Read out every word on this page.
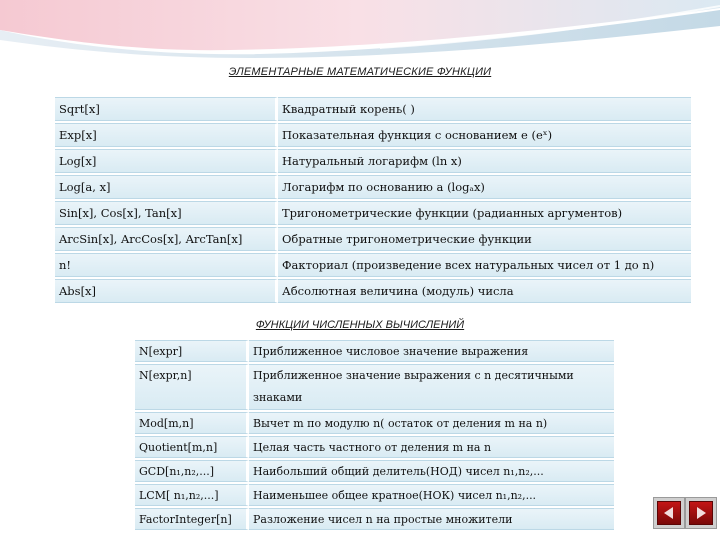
ЭЛЕМЕНТАРНЫЕ МАТЕМАТИЧЕСКИЕ ФУНКЦИИ
Sqrt[x]	Квадратный корень( )
Exp[x]	Показательная функция с основанием e (eˣ)
Log[x]	Натуральный логарифм (ln x)
Log[a, x]	Логарифм по основанию a (logₐx)
Sin[x], Cos[x], Tan[x]	Тригонометрические функции (радианных аргументов)
ArcSin[x], ArcCos[x], ArcTan[x]	Обратные тригонометрические функции
n!	Факториал (произведение всех натуральных чисел от 1 до n)
Abs[x]	Абсолютная величина (модуль) числа
ФУНКЦИИ ЧИСЛЕННЫХ ВЫЧИСЛЕНИЙ
N[expr]	Приближенное числовое значение выражения
N[expr,n]	Приближенное значение выражения с n десятичными
знаками

Mod[m,n]	Вычет m по модулю n( остаток от деления m на n)
Quotient[m,n]	Целая часть частного от деления m на n
GCD[n₁,n₂,...]	Наибольший общий делитель(НОД) чисел n₁,n₂,...
LCM[ n₁,n₂,...]	Наименьшее общее кратное(НОК) чисел n₁,n₂,...
FactorInteger[n]	Разложение чисел n на простые множители
